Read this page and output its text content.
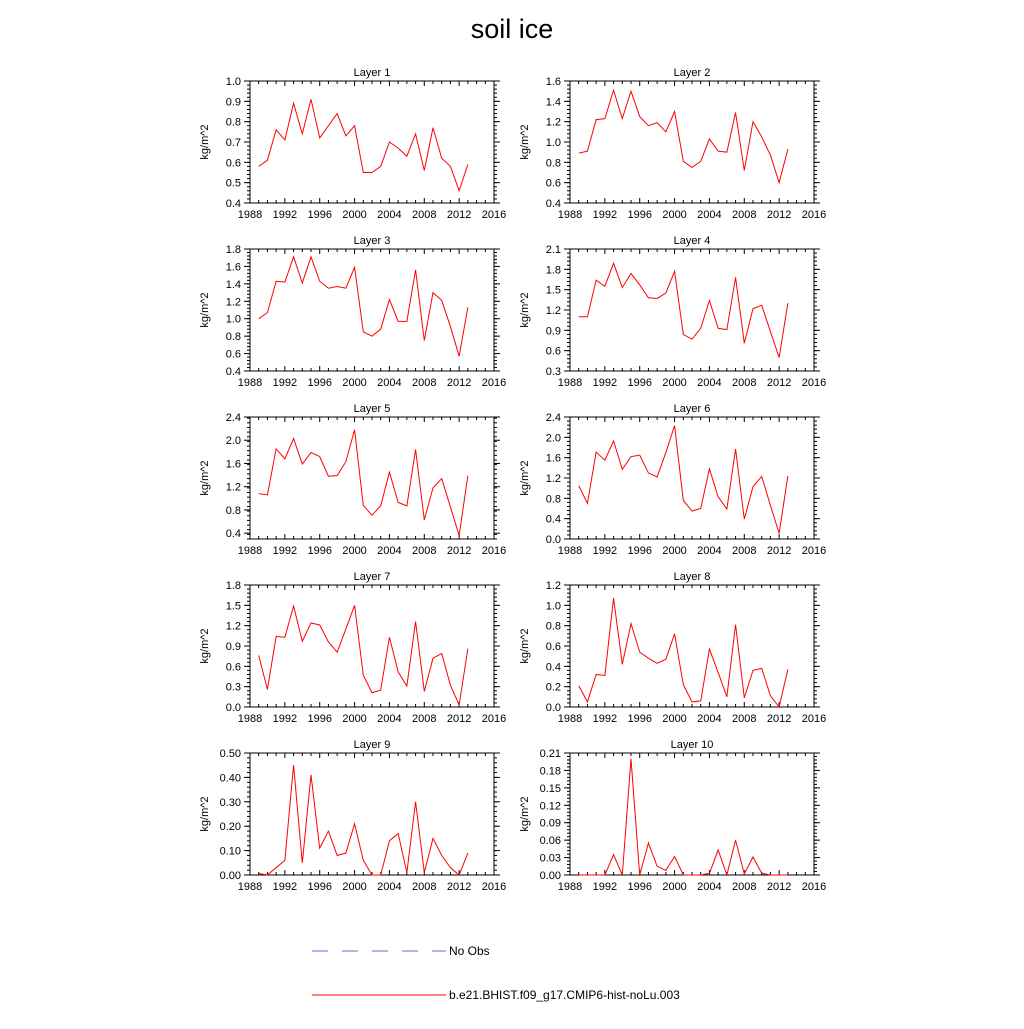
soil ice
Layer 1
1988 1992 1996 2000 2004 2008 2012 2016
0.4
0.5
0.6
0.7
0.8
0.9
1.0
kg/m^2
Layer 2
1988 1992 1996 2000 2004 2008 2012 2016
0.4
0.6
0.8
1.0
1.2
1.4
1.6
kg/m^2
Layer 3
1988 1992 1996 2000 2004 2008 2012 2016
0.4
0.6
0.8
1.0
1.2
1.4
1.6
1.8
kg/m^2
Layer 4
1988 1992 1996 2000 2004 2008 2012 2016
0.3
0.6
0.9
1.2
1.5
1.8
2.1
kg/m^2
Layer 5
1988 1992 1996 2000 2004 2008 2012 2016
0.4
0.8
1.2
1.6
2.0
2.4
kg/m^2
Layer 6
1988 1992 1996 2000 2004 2008 2012 2016
0.0
0.4
0.8
1.2
1.6
2.0
2.4
kg/m^2
Layer 7
1988 1992 1996 2000 2004 2008 2012 2016
0.0
0.3
0.6
0.9
1.2
1.5
1.8
kg/m^2
Layer 8
1988 1992 1996 2000 2004 2008 2012 2016
0.0
0.2
0.4
0.6
0.8
1.0
1.2
kg/m^2
Layer 9
1988 1992 1996 2000 2004 2008 2012 2016
0.00
0.10
0.20
0.30
0.40
0.50
kg/m^2
Layer 10
1988 1992 1996 2000 2004 2008 2012 2016
0.00
0.03
0.06
0.09
0.12
0.15
0.18
0.21
kg/m^2
No Obs
b.e21.BHIST.f09_g17.CMIP6-hist-noLu.003
